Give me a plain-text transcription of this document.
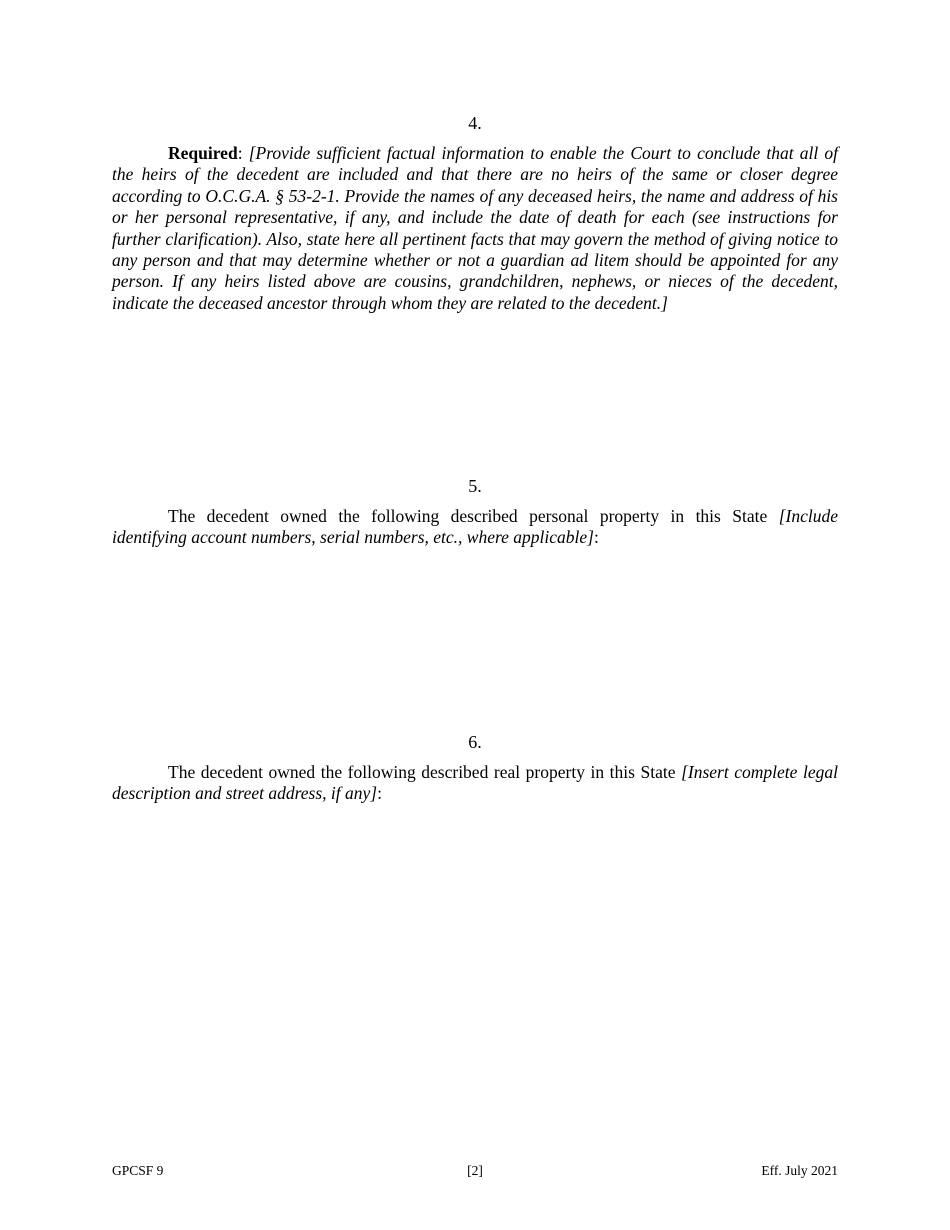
4.
Required: [Provide sufficient factual information to enable the Court to conclude that all of the heirs of the decedent are included and that there are no heirs of the same or closer degree according to O.C.G.A. § 53-2-1. Provide the names of any deceased heirs, the name and address of his or her personal representative, if any, and include the date of death for each (see instructions for further clarification). Also, state here all pertinent facts that may govern the method of giving notice to any person and that may determine whether or not a guardian ad litem should be appointed for any person. If any heirs listed above are cousins, grandchildren, nephews, or nieces of the decedent, indicate the deceased ancestor through whom they are related to the decedent.]
5.
The decedent owned the following described personal property in this State [Include identifying account numbers, serial numbers, etc., where applicable]:
6.
The decedent owned the following described real property in this State [Insert complete legal description and street address, if any]:
GPCSF 9	[2]	Eff. July 2021
